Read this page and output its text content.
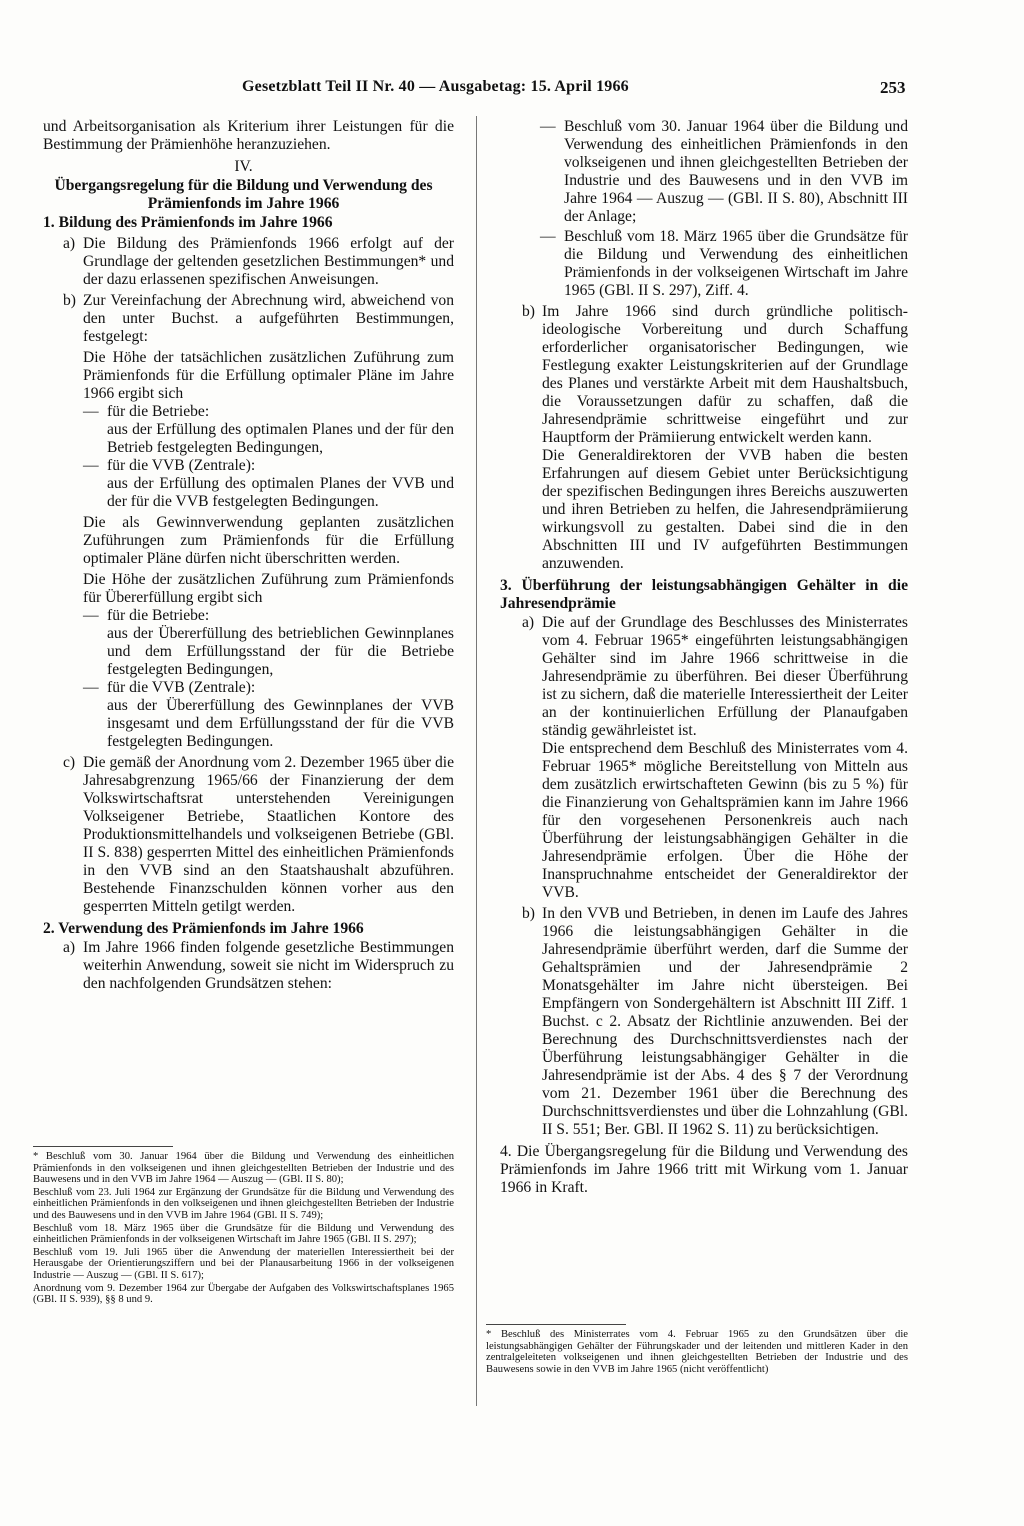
Gesetzblatt Teil II Nr. 40 — Ausgabetag: 15. April 1966	253

und Arbeitsorganisation als Kriterium ihrer Leistungen für die Bestimmung der Prämienhöhe heranzuziehen.

IV.

Übergangsregelung für die Bildung und Verwendung des Prämienfonds im Jahre 1966

1. Bildung des Prämienfonds im Jahre 1966

a) Die Bildung des Prämienfonds 1966 erfolgt auf der Grundlage der geltenden gesetzlichen Bestimmungen* und der dazu erlassenen spezifischen Anweisungen.

b) Zur Vereinfachung der Abrechnung wird, abweichend von den unter Buchst. a aufgeführten Bestimmungen, festgelegt:

Die Höhe der tatsächlichen zusätzlichen Zuführung zum Prämienfonds für die Erfüllung optimaler Pläne im Jahre 1966 ergibt sich

— für die Betriebe:

aus der Erfüllung des optimalen Planes und der für den Betrieb festgelegten Bedingungen,

— für die VVB (Zentrale):

aus der Erfüllung des optimalen Planes der VVB und der für die VVB festgelegten Bedingungen.

Die als Gewinnverwendung geplanten zusätzlichen Zuführungen zum Prämienfonds für die Erfüllung optimaler Pläne dürfen nicht überschritten werden.

Die Höhe der zusätzlichen Zuführung zum Prämienfonds für Übererfüllung ergibt sich

— für die Betriebe:

aus der Übererfüllung des betrieblichen Gewinnplanes und dem Erfüllungsstand der für die Betriebe festgelegten Bedingungen,

— für die VVB (Zentrale):

aus der Übererfüllung des Gewinnplanes der VVB insgesamt und dem Erfüllungsstand der für die VVB festgelegten Bedingungen.

c) Die gemäß der Anordnung vom 2. Dezember 1965 über die Jahresabgrenzung 1965/66 der Finanzierung der dem Volkswirtschaftsrat unterstehenden Vereinigungen Volkseigener Betriebe, Staatlichen Kontore des Produktionsmittelhandels und volkseigenen Betriebe (GBl. II S. 838) gesperrten Mittel des einheitlichen Prämienfonds in den VVB sind an den Staatshaushalt abzuführen. Bestehende Finanzschulden können vorher aus den gesperrten Mitteln getilgt werden.

2. Verwendung des Prämienfonds im Jahre 1966

a) Im Jahre 1966 finden folgende gesetzliche Bestimmungen weiterhin Anwendung, soweit sie nicht im Widerspruch zu den nachfolgenden Grundsätzen stehen:

* Beschluß vom 30. Januar 1964 über die Bildung und Verwendung des einheitlichen Prämienfonds in den volkseigenen und ihnen gleichgestellten Betrieben der Industrie und des Bauwesens und in den VVB im Jahre 1964 — Auszug — (GBl. II S. 80);

Beschluß vom 23. Juli 1964 zur Ergänzung der Grundsätze für die Bildung und Verwendung des einheitlichen Prämienfonds in den volkseigenen und ihnen gleichgestellten Betrieben der Industrie und des Bauwesens und in den VVB im Jahre 1964 (GBl. II S. 749);

Beschluß vom 18. März 1965 über die Grundsätze für die Bildung und Verwendung des einheitlichen Prämienfonds in der volkseigenen Wirtschaft im Jahre 1965 (GBl. II S. 297);

Beschluß vom 19. Juli 1965 über die Anwendung der materiellen Interessiertheit bei der Herausgabe der Orientierungsziffern und bei der Planausarbeitung 1966 in der volkseigenen Industrie — Auszug — (GBl. II S. 617);

Anordnung vom 9. Dezember 1964 zur Übergabe der Aufgaben des Volkswirtschaftsplanes 1965 (GBl. II S. 939), §§ 8 und 9.

— Beschluß vom 30. Januar 1964 über die Bildung und Verwendung des einheitlichen Prämienfonds in den volkseigenen und ihnen gleichgestellten Betrieben der Industrie und des Bauwesens und in den VVB im Jahre 1964 — Auszug — (GBl. II S. 80), Abschnitt III der Anlage;

— Beschluß vom 18. März 1965 über die Grundsätze für die Bildung und Verwendung des einheitlichen Prämienfonds in der volkseigenen Wirtschaft im Jahre 1965 (GBl. II S. 297), Ziff. 4.

b) Im Jahre 1966 sind durch gründliche politisch-ideologische Vorbereitung und durch Schaffung erforderlicher organisatorischer Bedingungen, wie Festlegung exakter Leistungskriterien auf der Grundlage des Planes und verstärkte Arbeit mit dem Haushaltsbuch, die Voraussetzungen dafür zu schaffen, daß die Jahresendprämie schrittweise eingeführt und zur Hauptform der Prämiierung entwickelt werden kann.

Die Generaldirektoren der VVB haben die besten Erfahrungen auf diesem Gebiet unter Berücksichtigung der spezifischen Bedingungen ihres Bereichs auszuwerten und ihren Betrieben zu helfen, die Jahresendprämiierung wirkungsvoll zu gestalten. Dabei sind die in den Abschnitten III und IV aufgeführten Bestimmungen anzuwenden.

3. Überführung der leistungsabhängigen Gehälter in die Jahresendprämie

a) Die auf der Grundlage des Beschlusses des Ministerrates vom 4. Februar 1965* eingeführten leistungsabhängigen Gehälter sind im Jahre 1966 schrittweise in die Jahresendprämie zu überführen. Bei dieser Überführung ist zu sichern, daß die materielle Interessiertheit der Leiter an der kontinuierlichen Erfüllung der Planaufgaben ständig gewährleistet ist.

Die entsprechend dem Beschluß des Ministerrates vom 4. Februar 1965* mögliche Bereitstellung von Mitteln aus dem zusätzlich erwirtschafteten Gewinn (bis zu 5 %) für die Finanzierung von Gehaltsprämien kann im Jahre 1966 für den vorgesehenen Personenkreis auch nach Überführung der leistungsabhängigen Gehälter in die Jahresendprämie erfolgen. Über die Höhe der Inanspruchnahme entscheidet der Generaldirektor der VVB.

b) In den VVB und Betrieben, in denen im Laufe des Jahres 1966 die leistungsabhängigen Gehälter in die Jahresendprämie überführt werden, darf die Summe der Gehaltsprämien und der Jahresendprämie 2 Monatsgehälter im Jahre nicht übersteigen. Bei Empfängern von Sondergehältern ist Abschnitt III Ziff. 1 Buchst. c 2. Absatz der Richtlinie anzuwenden. Bei der Berechnung des Durchschnittsverdienstes nach der Überführung leistungsabhängiger Gehälter in die Jahresendprämie ist der Abs. 4 des § 7 der Verordnung vom 21. Dezember 1961 über die Berechnung des Durchschnittsverdienstes und über die Lohnzahlung (GBl. II S. 551; Ber. GBl. II 1962 S. 11) zu berücksichtigen.

4. Die Übergangsregelung für die Bildung und Verwendung des Prämienfonds im Jahre 1966 tritt mit Wirkung vom 1. Januar 1966 in Kraft.

* Beschluß des Ministerrates vom 4. Februar 1965 zu den Grundsätzen über die leistungsabhängigen Gehälter der Führungskader und der leitenden und mittleren Kader in den zentralgeleiteten volkseigenen und ihnen gleichgestellten Betrieben der Industrie und des Bauwesens sowie in den VVB im Jahre 1965 (nicht veröffentlicht)
